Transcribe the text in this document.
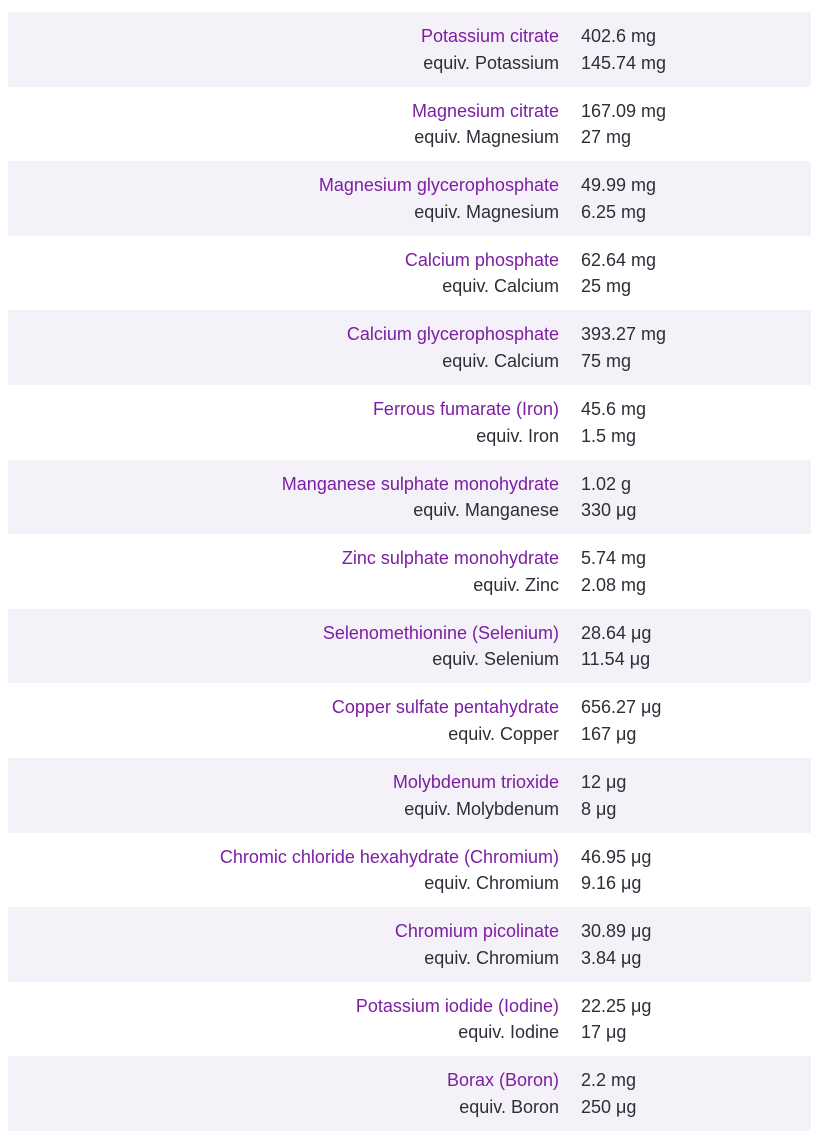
Potassium citrate
equiv. Potassium
402.6 mg
145.74 mg
Magnesium citrate
equiv. Magnesium
167.09 mg
27 mg
Magnesium glycerophosphate
equiv. Magnesium
49.99 mg
6.25 mg
Calcium phosphate
equiv. Calcium
62.64 mg
25 mg
Calcium glycerophosphate
equiv. Calcium
393.27 mg
75 mg
Ferrous fumarate (Iron)
equiv. Iron
45.6 mg
1.5 mg
Manganese sulphate monohydrate
equiv. Manganese
1.02 g
330 μg
Zinc sulphate monohydrate
equiv. Zinc
5.74 mg
2.08 mg
Selenomethionine (Selenium)
equiv. Selenium
28.64 μg
11.54 μg
Copper sulfate pentahydrate
equiv. Copper
656.27 μg
167 μg
Molybdenum trioxide
equiv. Molybdenum
12 μg
8 μg
Chromic chloride hexahydrate (Chromium)
equiv. Chromium
46.95 μg
9.16 μg
Chromium picolinate
equiv. Chromium
30.89 μg
3.84 μg
Potassium iodide (Iodine)
equiv. Iodine
22.25 μg
17 μg
Borax (Boron)
equiv. Boron
2.2 mg
250 μg
